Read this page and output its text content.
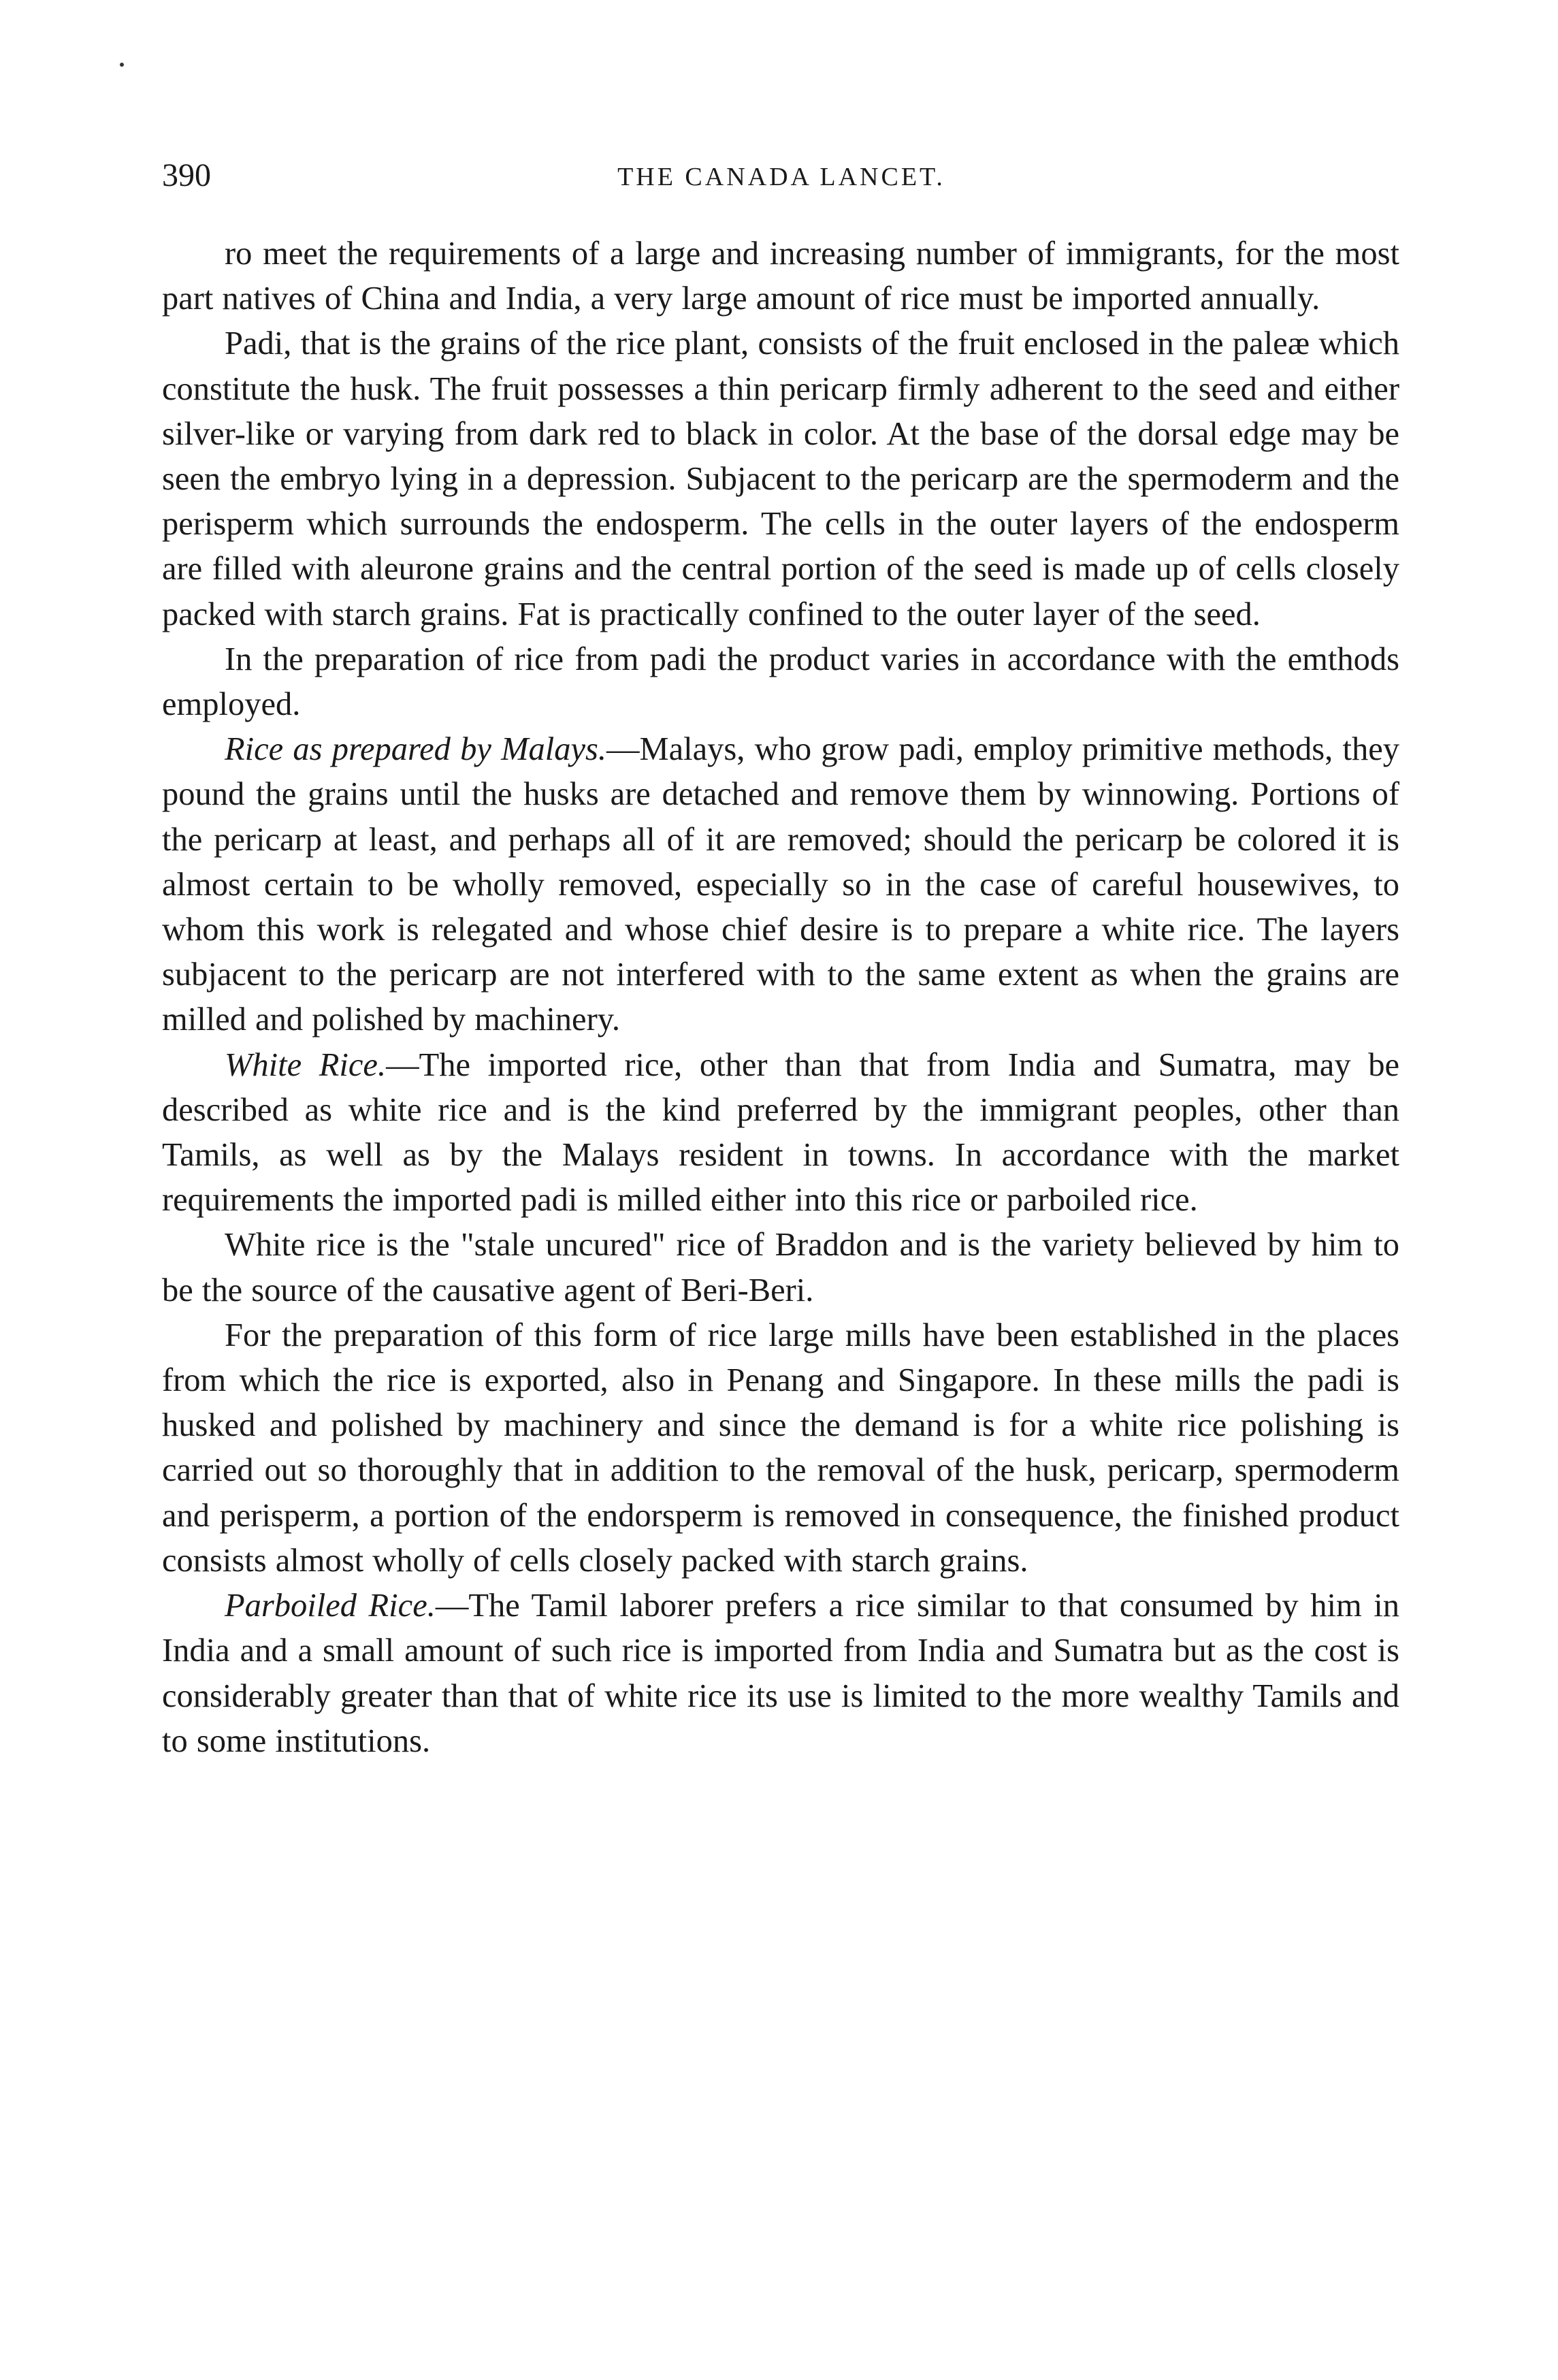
390	THE CANADA LANCET.

ro meet the requirements of a large and increasing number of immigrants, for the most part natives of China and India, a very large amount of rice must be imported annually.

Padi, that is the grains of the rice plant, consists of the fruit enclosed in the paleæ which constitute the husk. The fruit possesses a thin pericarp firmly adherent to the seed and either silver-like or varying from dark red to black in color. At the base of the dorsal edge may be seen the embryo lying in a depression. Subjacent to the pericarp are the spermoderm and the perisperm which surrounds the endosperm. The cells in the outer layers of the endosperm are filled with aleurone grains and the central portion of the seed is made up of cells closely packed with starch grains. Fat is practically confined to the outer layer of the seed.

In the preparation of rice from padi the product varies in accordance with the emthods employed.

Rice as prepared by Malays.—Malays, who grow padi, employ primitive methods, they pound the grains until the husks are detached and remove them by winnowing. Portions of the pericarp at least, and perhaps all of it are removed; should the pericarp be colored it is almost certain to be wholly removed, especially so in the case of careful housewives, to whom this work is relegated and whose chief desire is to prepare a white rice. The layers subjacent to the pericarp are not interfered with to the same extent as when the grains are milled and polished by machinery.

White Rice.—The imported rice, other than that from India and Sumatra, may be described as white rice and is the kind preferred by the immigrant peoples, other than Tamils, as well as by the Malays resident in towns. In accordance with the market requirements the imported padi is milled either into this rice or parboiled rice.

White rice is the "stale uncured" rice of Braddon and is the variety believed by him to be the source of the causative agent of Beri-Beri.

For the preparation of this form of rice large mills have been established in the places from which the rice is exported, also in Penang and Singapore. In these mills the padi is husked and polished by machinery and since the demand is for a white rice polishing is carried out so thoroughly that in addition to the removal of the husk, pericarp, spermoderm and perisperm, a portion of the endorsperm is removed in consequence, the finished product consists almost wholly of cells closely packed with starch grains.

Parboiled Rice.—The Tamil laborer prefers a rice similar to that consumed by him in India and a small amount of such rice is imported from India and Sumatra but as the cost is considerably greater than that of white rice its use is limited to the more wealthy Tamils and to some institutions.
